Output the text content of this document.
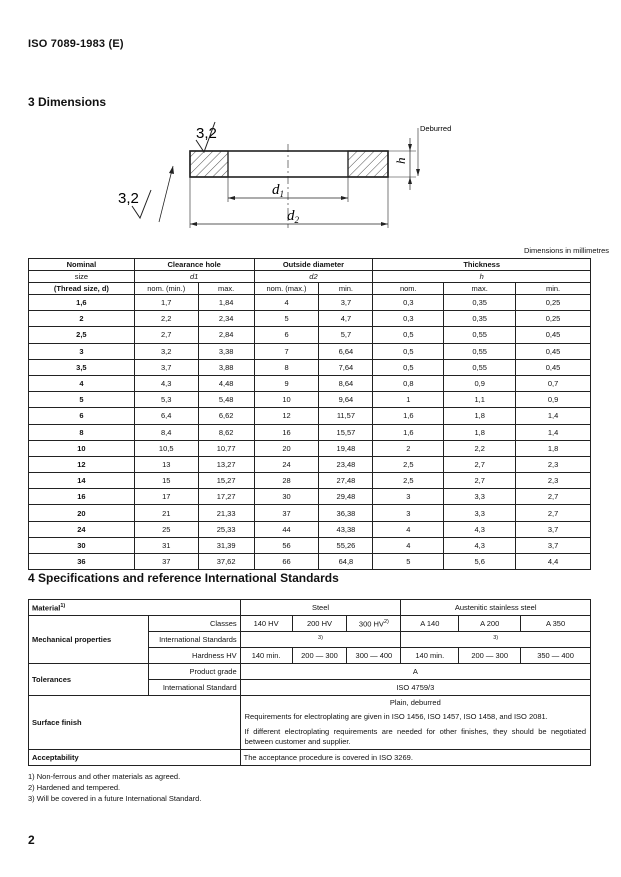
ISO 7089-1983 (E)
3 Dimensions
3,2
$d_1$
$d_2$
h
Deburred
3,2
Dimensions in millimetres
Nominal	Clearance hole		Outside diameter		Thickness		
size	d1		d2		h		
(Thread size, d)	nom. (min.)	max.	nom. (max.)	min.	nom.	max.	min.
1,6	1,7	1,84	4	3,7	0,3	0,35	0,25
2	2,2	2,34	5	4,7	0,3	0,35	0,25
2,5	2,7	2,84	6	5,7	0,5	0,55	0,45
3	3,2	3,38	7	6,64	0,5	0,55	0,45
3,5	3,7	3,88	8	7,64	0,5	0,55	0,45
4	4,3	4,48	9	8,64	0,8	0,9	0,7
5	5,3	5,48	10	9,64	1	1,1	0,9
6	6,4	6,62	12	11,57	1,6	1,8	1,4
8	8,4	8,62	16	15,57	1,6	1,8	1,4
10	10,5	10,77	20	19,48	2	2,2	1,8
12	13	13,27	24	23,48	2,5	2,7	2,3
14	15	15,27	28	27,48	2,5	2,7	2,3
16	17	17,27	30	29,48	3	3,3	2,7
20	21	21,33	37	36,38	3	3,3	2,7
24	25	25,33	44	43,38	4	4,3	3,7
30	31	31,39	56	55,26	4	4,3	3,7
36	37	37,62	66	64,8	5	5,6	4,4
4 Specifications and reference International Standards
Material$^{1)}$		Steel			Austenitic stainless steel		
Mechanical properties	Classes	140 HV	200 HV	300 HV$^{2)}$	A 140	A 200	A 350
	International Standards	$^{3)}$			$^{3)}$
	Hardness HV	140 min.	200 — 300	300 — 400	140 min.	200 — 300	350 — 400
Tolerances	Product grade	A					
	International Standard	ISO 4759/3					
Surface finish		Plain, deburred
Requirements for electroplating are given in ISO 1456, ISO 1457, ISO 1458, and ISO 2081.
If different electroplating requirements are needed for other finishes, they should be negotiated between customer and supplier.					

Acceptability		The acceptance procedure is covered in ISO 3269.					
1) Non-ferrous and other materials as agreed.
2) Hardened and tempered.
3) Will be covered in a future International Standard.
2
